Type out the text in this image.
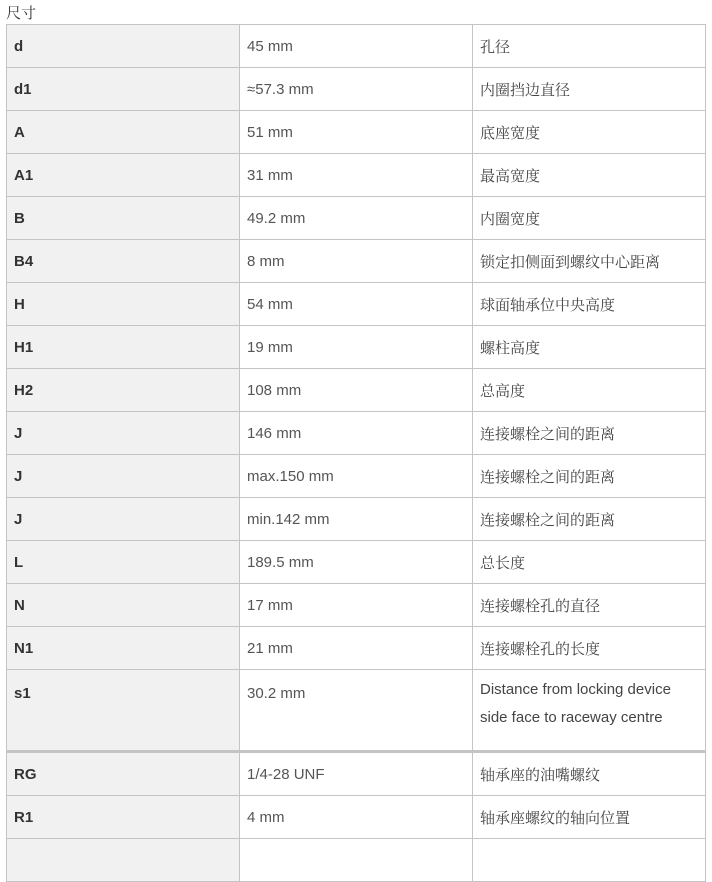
尺寸
d	45 mm	孔径
d1	≈57.3 mm	内圈挡边直径
A	51 mm	底座宽度
A1	31 mm	最高宽度
B	49.2 mm	内圈宽度
B4	8 mm	锁定扣侧面到螺纹中心距离
H	54 mm	球面轴承位中央高度
H1	19 mm	螺柱高度
H2	108 mm	总高度
J	146 mm	连接螺栓之间的距离
J	max.150 mm	连接螺栓之间的距离
J	min.142 mm	连接螺栓之间的距离
L	189.5 mm	总长度
N	17 mm	连接螺栓孔的直径
N1	21 mm	连接螺栓孔的长度
s1	30.2 mm	Distance from locking device side face to raceway centre
RG	1/4-28 UNF	轴承座的油嘴螺纹
R1	4 mm	轴承座螺纹的轴向位置
